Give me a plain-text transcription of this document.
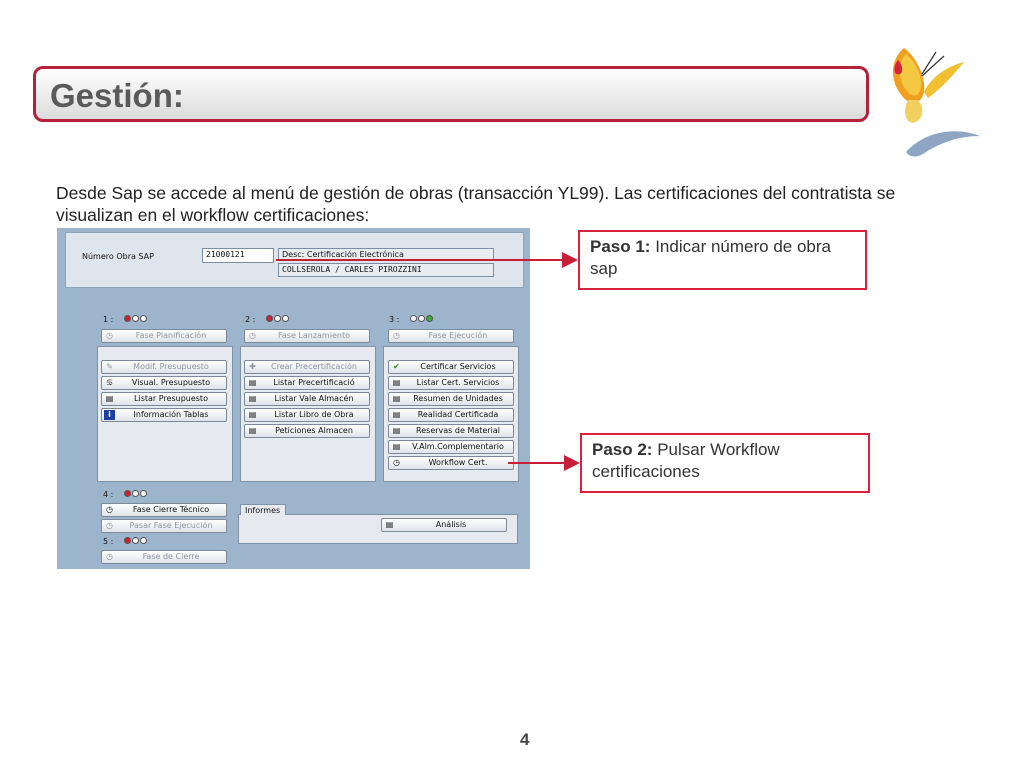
Gestión:
Desde Sap se accede al menú de gestión de obras (transacción YL99). Las certificaciones del contratista se visualizan en el workflow certificaciones:
Número Obra SAP	21000121	Desc: Certificación Electrónica
COLLSEROLA / CARLES PIROZZINI
1 :
◷	Fase Planificación
2 :
◷	Fase Lanzamiento
3 :
◷	Fase Ejecución
✎	Modif. Presupuesto
♋	Visual. Presupuesto
▤	Listar Presupuesto
i	Información Tablas
✚	Crear Precertificación
▤	Listar Precertificació
▤	Listar Vale Almacén
▤	Listar Libro de Obra
▤	Peticiones Almacen
✔	Certificar Servicios
▤	Listar Cert. Servicios
▤	Resumen de Unidades
▤	Realidad Certificada
▤	Reservas de Material
▤	V.Alm.Complementario
◷	Workflow Cert.
4 :
◷	Fase Cierre Técnico
◷	Pasar Fase Ejecución
Informes
▤	Análisis
5 :
◷	Fase de Cierre
Paso 1: Indicar número de obra sap
Paso 2: Pulsar Workflow certificaciones
4
